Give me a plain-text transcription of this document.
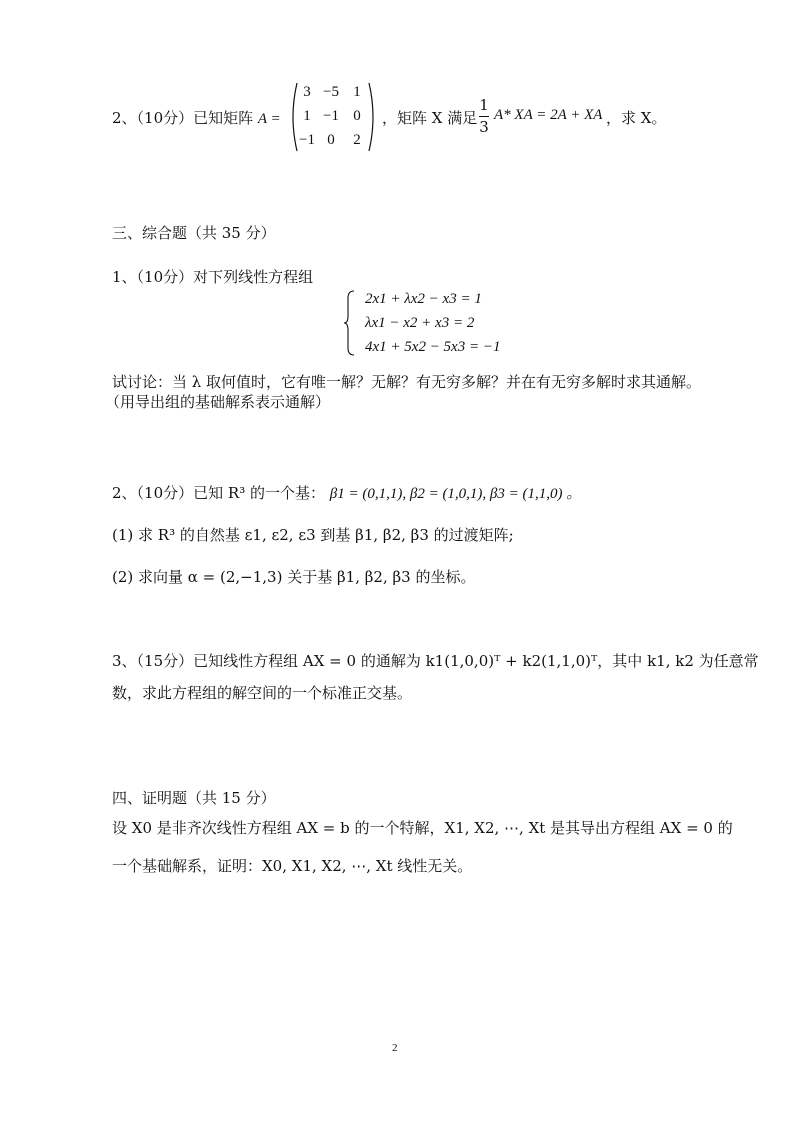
2、（10分）已知矩阵 A =
3 −5 1
1 −1 0
−1 0	2
，矩阵 X 满足
1
3
A* XA = 2A + XA ，求 X。
三、综合题（共 35 分）
1、（10分）对下列线性方程组
2x1 + λx2 − x3 = 1
λx1 − x2 + x3 = 2
4x1 + 5x2 − 5x3 = −1
试讨论：当 λ 取何值时，它有唯一解？无解？有无穷多解？并在有无穷多解时求其通解。
（用导出组的基础解系表示通解）
2、（10分）已知 R³ 的一个基： β1 = (0,1,1), β2 = (1,0,1), β3 = (1,1,0) 。
(1) 求 R³ 的自然基 ε1, ε2, ε3 到基 β1, β2, β3 的过渡矩阵;
(2) 求向量 α = (2,−1,3) 关于基 β1, β2, β3 的坐标。
3、（15分）已知线性方程组 AX = 0 的通解为 k1(1,0,0)ᵀ + k2(1,1,0)ᵀ，其中 k1, k2 为任意常
数，求此方程组的解空间的一个标准正交基。
四、证明题（共 15 分）
设 X0 是非齐次线性方程组 AX = b 的一个特解，X1, X2, ⋯, Xt 是其导出方程组 AX = 0 的
一个基础解系，证明：X0, X1, X2, ⋯, Xt 线性无关。
2
